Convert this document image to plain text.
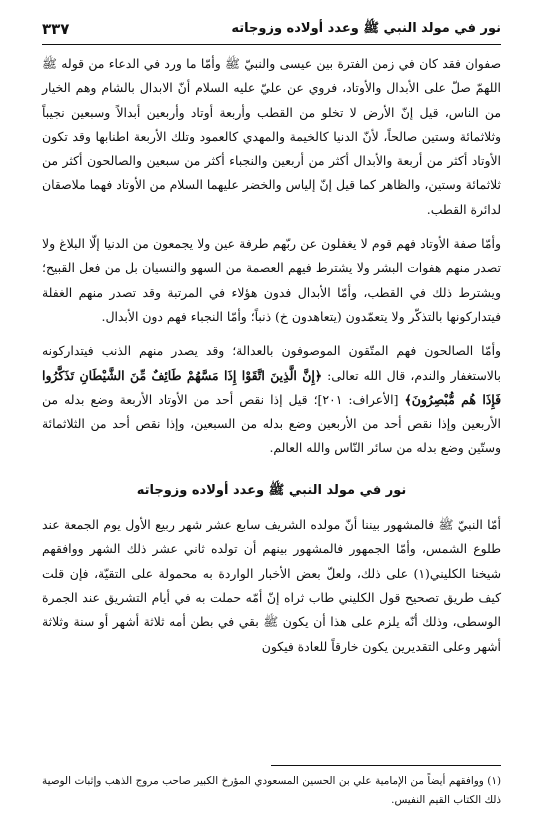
نور في مولد النبي ﷺ وعدد أولاده وزوجاته
٣٣٧

صفوان فقد كان في زمن الفترة بين عيسى والنبيّ ﷺ وأمّا ما ورد في الدعاء من قوله ﷺ اللهمّ صلّ على الأبدال والأوتاد، فروي عن عليّ عليه السلام أنّ الابدال بالشام وهم الخيار من الناس، قيل إنّ الأرض لا تخلو من القطب وأربعة أوتاد وأربعين أبدالاً وسبعين نجيباً وثلاثمائة وستين صالحاً، لأنّ الدنيا كالخيمة والمهدي كالعمود وتلك الأربعة اطنابها وقد تكون الأوتاد أكثر من أربعة والأبدال أكثر من أربعين والنجباء أكثر من سبعين والصالحون أكثر من ثلاثمائة وستين، والظاهر كما قيل إنّ إلياس والخضر عليهما السلام من الأوتاد فهما ملاصقان لدائرة القطب.

وأمّا صفة الأوتاد فهم قوم لا يغفلون عن ربّهم طرفة عين ولا يجمعون من الدنيا إلّا البلاغ ولا تصدر منهم هفوات البشر ولا يشترط فيهم العصمة من السهو والنسيان بل من فعل القبيح؛ ويشترط ذلك في القطب، وأمّا الأبدال فدون هؤلاء في المرتبة وقد تصدر منهم الغفلة فيتداركونها بالتذكّر ولا يتعمّدون (يتعاهدون خ) ذنباً؛ وأمّا النجباء فهم دون الأبدال.

وأمّا الصالحون فهم المتّقون الموصوفون بالعدالة؛ وقد يصدر منهم الذنب فيتداركونه بالاستغفار والندم، قال الله تعالى: ﴿إِنَّ الَّذِينَ اتَّقَوْا إِذَا مَسَّهُمْ طَائِفٌ مِّنَ الشَّيْطَانِ تَذَكَّرُوا فَإِذَا هُم مُّبْصِرُونَ﴾ [الأعراف: ٢٠١]؛ قيل إذا نقص أحد من الأوتاد الأربعة وضع بدله من الأربعين وإذا نقص أحد من الأربعين وضع بدله من السبعين، وإذا نقص أحد من الثلاثمائة وستّين وضع بدله من سائر النّاس والله العالم.

نور في مولد النبي ﷺ وعدد أولاده وزوجاته

أمّا النبيّ ﷺ فالمشهور بيننا أنّ مولده الشريف سابع عشر شهر ربيع الأول يوم الجمعة عند طلوع الشمس، وأمّا الجمهور فالمشهور بينهم أن تولده ثاني عشر ذلك الشهر ووافقهم شيخنا الكليني(١) على ذلك، ولعلّ بعض الأخبار الواردة به محمولة على التقيّة، فإن قلت كيف طريق تصحيح قول الكليني طاب ثراه إنّ أمّه حملت به في أيام التشريق عند الجمرة الوسطى، وذلك أنّه يلزم على هذا أن يكون ﷺ بقي في بطن أمه ثلاثة أشهر أو سنة وثلاثة أشهر وعلى التقديرين يكون خارقاً للعادة فيكون

(١) ووافقهم أيضاً من الإمامية علي بن الحسين المسعودي المؤرخ الكبير صاحب مروج الذهب وإثبات الوصية ذلك الكتاب القيم النفيس.
